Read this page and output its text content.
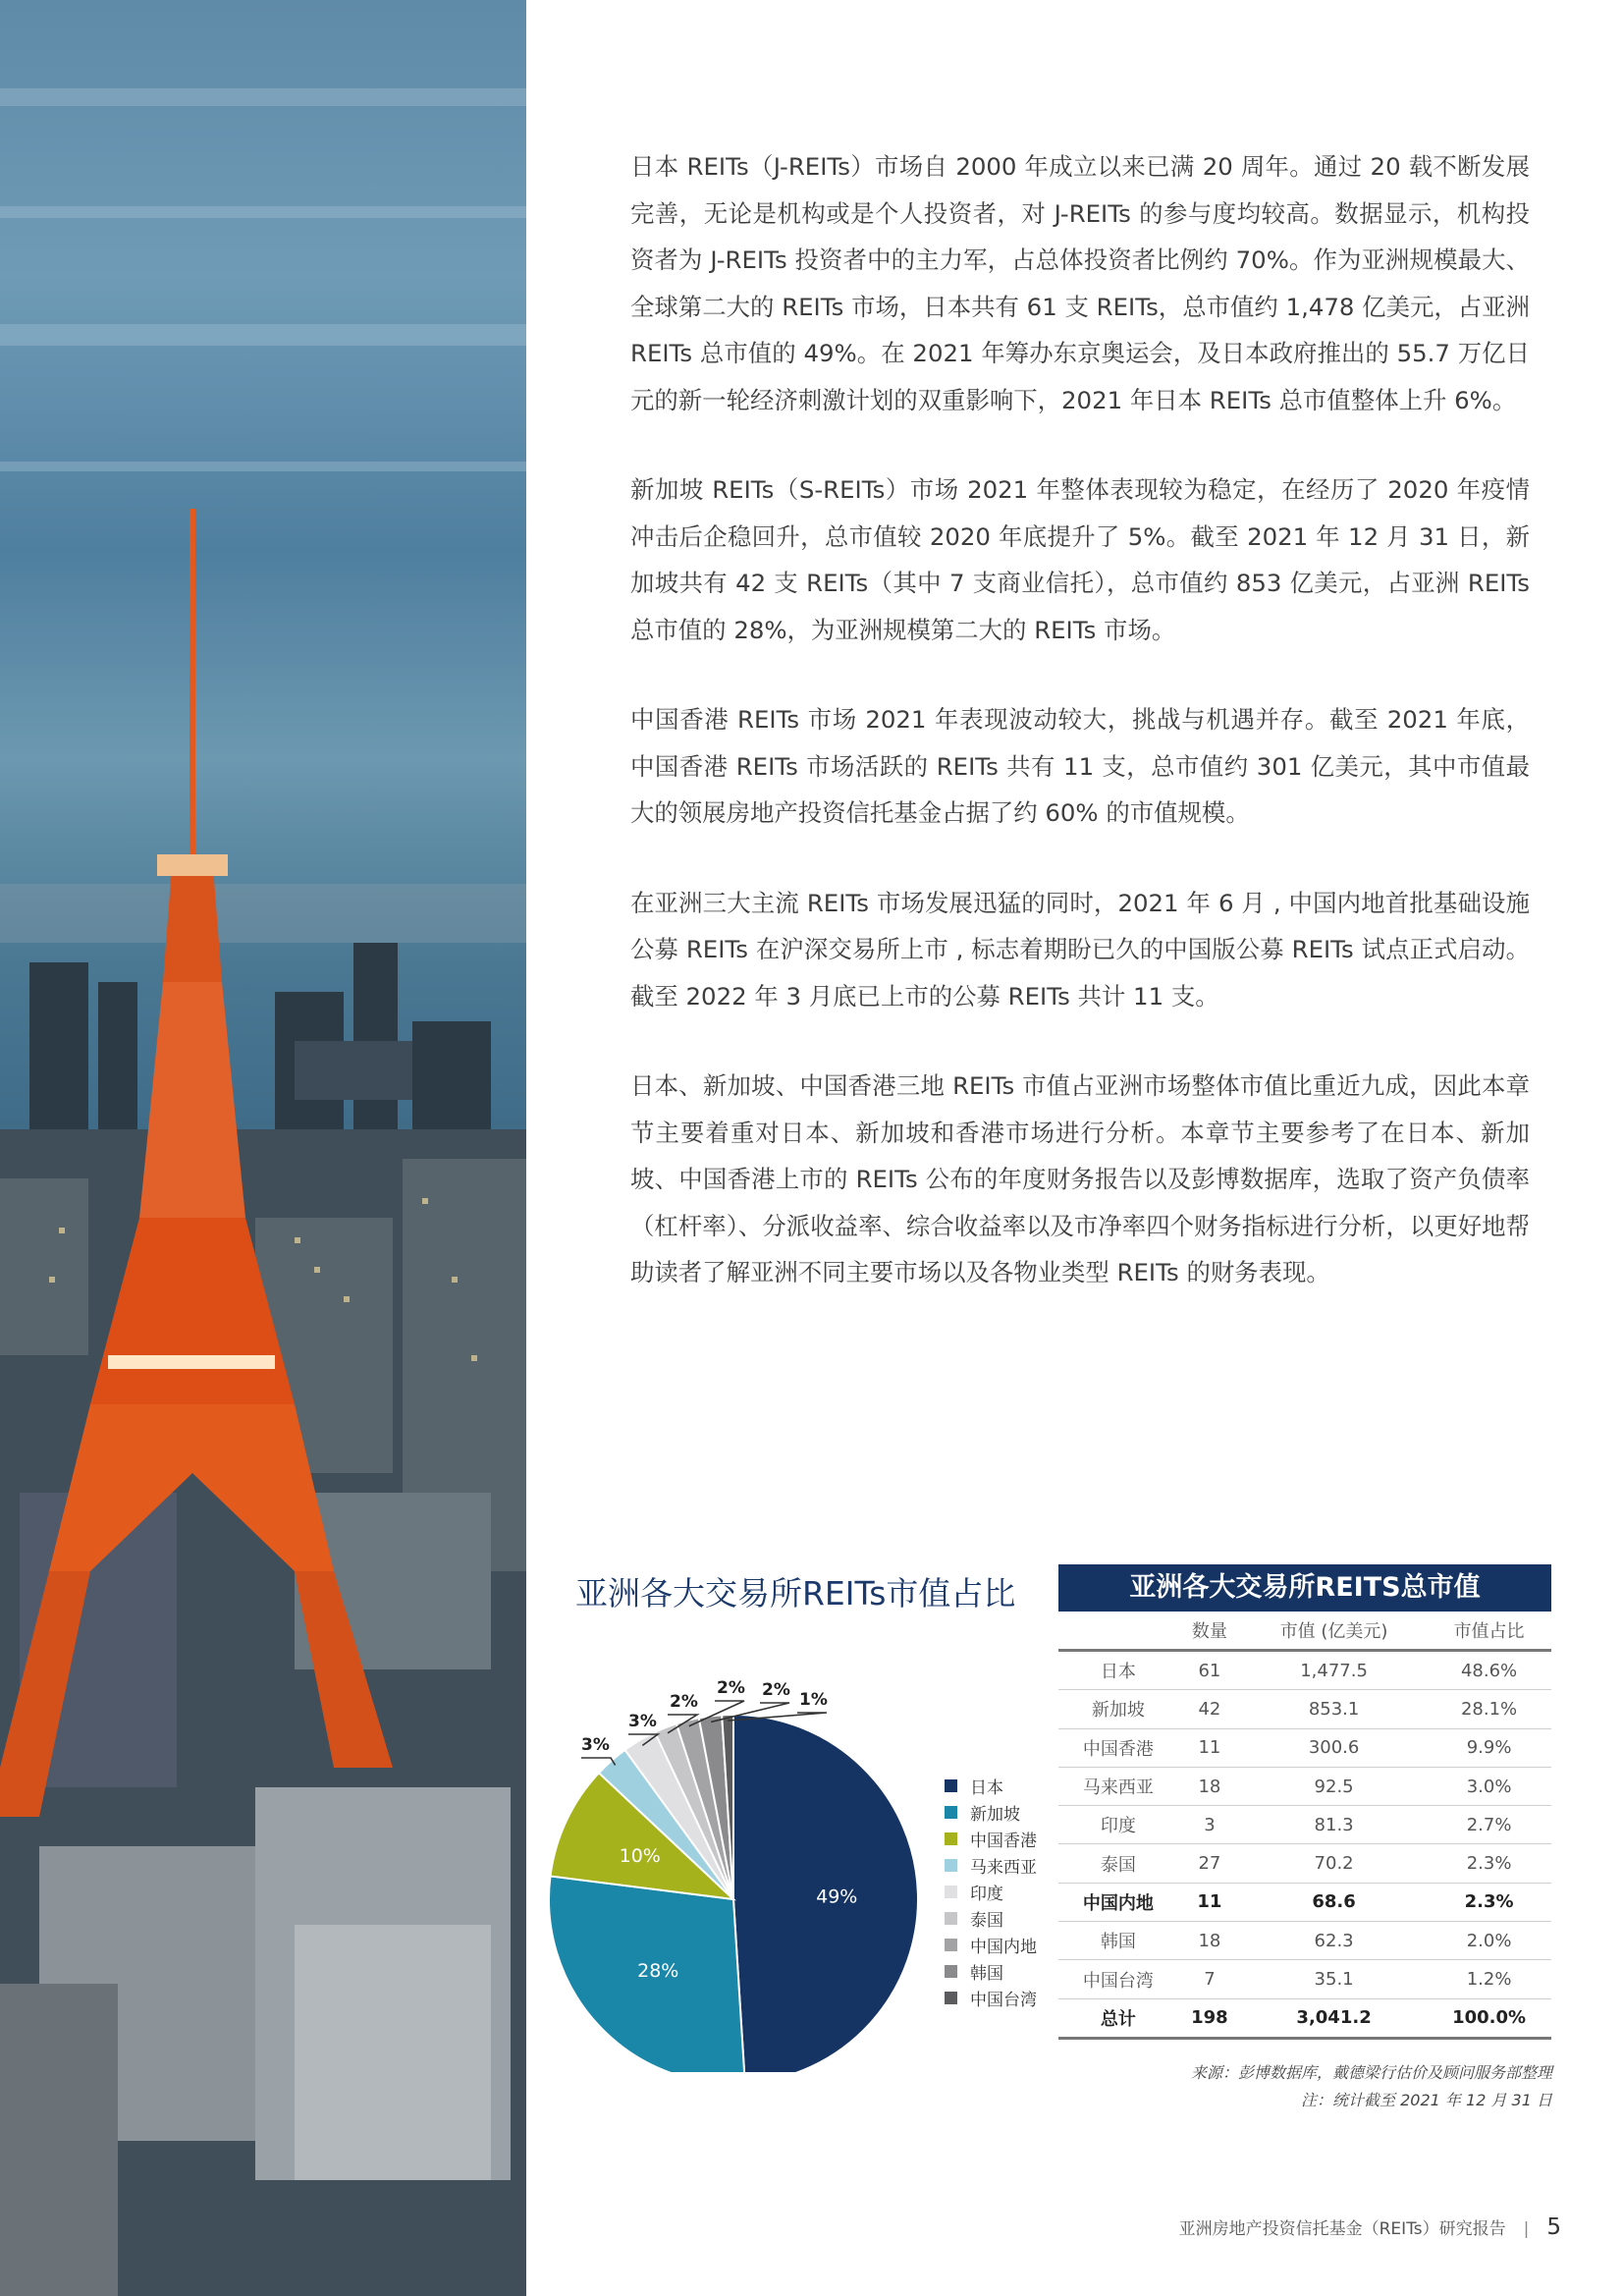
日本 REITs（J-REITs）市场自 2000 年成立以来已满 20 周年。通过 20 载不断发展完善，无论是机构或是个人投资者，对 J-REITs 的参与度均较高。数据显示，机构投资者为 J-REITs 投资者中的主力军，占总体投资者比例约 70%。作为亚洲规模最大、全球第二大的 REITs 市场，日本共有 61 支 REITs，总市值约 1,478 亿美元，占亚洲 REITs 总市值的 49%。在 2021 年筹办东京奥运会，及日本政府推出的 55.7 万亿日元的新一轮经济刺激计划的双重影响下，2021 年日本 REITs 总市值整体上升 6%。

新加坡 REITs（S-REITs）市场 2021 年整体表现较为稳定，在经历了 2020 年疫情冲击后企稳回升，总市值较 2020 年底提升了 5%。截至 2021 年 12 月 31 日，新加坡共有 42 支 REITs（其中 7 支商业信托），总市值约 853 亿美元，占亚洲 REITs 总市值的 28%，为亚洲规模第二大的 REITs 市场。

中国香港 REITs 市场 2021 年表现波动较大，挑战与机遇并存。截至 2021 年底，中国香港 REITs 市场活跃的 REITs 共有 11 支，总市值约 301 亿美元，其中市值最大的领展房地产投资信托基金占据了约 60% 的市值规模。

在亚洲三大主流 REITs 市场发展迅猛的同时，2021 年 6 月 , 中国内地首批基础设施公募 REITs 在沪深交易所上市 , 标志着期盼已久的中国版公募 REITs 试点正式启动。截至 2022 年 3 月底已上市的公募 REITs 共计 11 支。

日本、新加坡、中国香港三地 REITs 市值占亚洲市场整体市值比重近九成，因此本章节主要着重对日本、新加坡和香港市场进行分析。本章节主要参考了在日本、新加坡、中国香港上市的 REITs 公布的年度财务报告以及彭博数据库，选取了资产负债率（杠杆率）、分派收益率、综合收益率以及市净率四个财务指标进行分析，以更好地帮助读者了解亚洲不同主要市场以及各物业类型 REITs 的财务表现。

亚洲各大交易所REITs市值占比
49%
28%
10%
3%
3%
2%
2% 2% 1%
日本
新加坡
中国香港
马来西亚
印度
泰国
中国内地
韩国
中国台湾
亚洲各大交易所REITS总市值
	数量	市值 (亿美元)	市值占比
日本	61	1,477.5	48.6%
新加坡	42	853.1	28.1%
中国香港	11	300.6	9.9%
马来西亚	18	92.5	3.0%
印度	3	81.3	2.7%
泰国	27	70.2	2.3%
中国内地	11	68.6	2.3%
韩国	18	62.3	2.0%
中国台湾	7	35.1	1.2%
总计	198	3,041.2	100.0%
来源：彭博数据库，戴德梁行估价及顾问服务部整理
注：统计截至 2021 年 12 月 31 日
亚洲房地产投资信托基金（REITs）研究报告 | 5
